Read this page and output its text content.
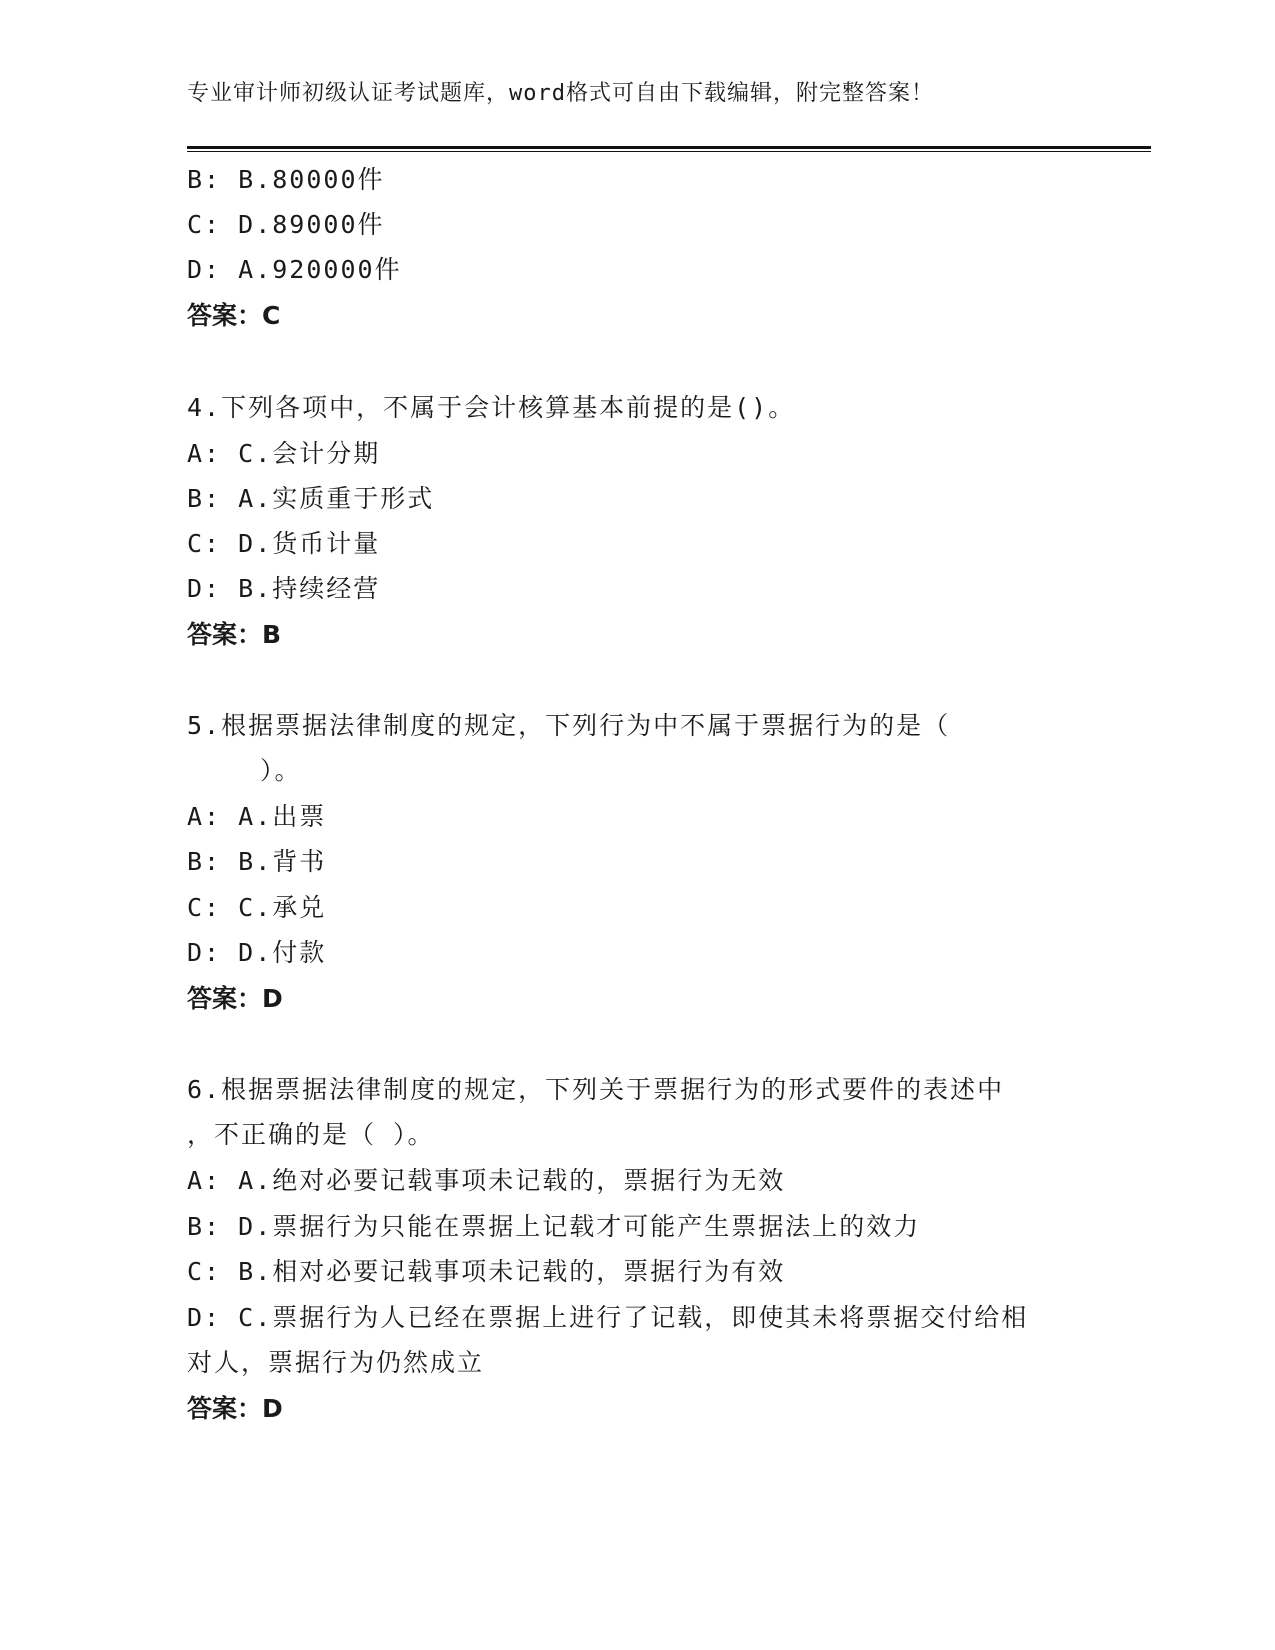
专业审计师初级认证考试题库，word格式可自由下载编辑，附完整答案！
B: B.80000件
C: D.89000件
D: A.920000件
答案：C
4.下列各项中，不属于会计核算基本前提的是()。
A: C.会计分期
B: A.实质重于形式
C: D.货币计量
D: B.持续经营
答案：B
5.根据票据法律制度的规定，下列行为中不属于票据行为的是（
）。
A: A.出票
B: B.背书
C: C.承兑
D: D.付款
答案：D
6.根据票据法律制度的规定，下列关于票据行为的形式要件的表述中
，不正确的是（ ）。
A: A.绝对必要记载事项未记载的，票据行为无效
B: D.票据行为只能在票据上记载才可能产生票据法上的效力
C: B.相对必要记载事项未记载的，票据行为有效
D: C.票据行为人已经在票据上进行了记载，即使其未将票据交付给相
对人，票据行为仍然成立
答案：D
